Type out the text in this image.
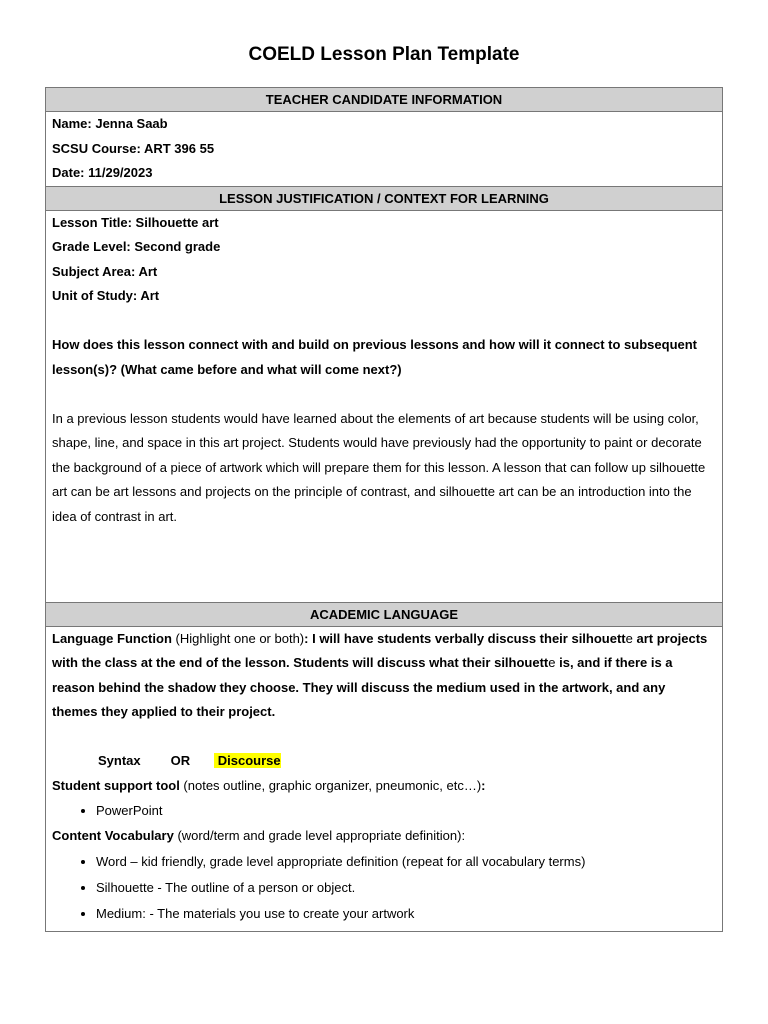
COELD Lesson Plan Template
TEACHER CANDIDATE INFORMATION
Name: Jenna Saab
SCSU Course: ART 396 55
Date: 11/29/2023
LESSON JUSTIFICATION / CONTEXT FOR LEARNING
Lesson Title: Silhouette art
Grade Level: Second grade
Subject Area: Art
Unit of Study: Art
How does this lesson connect with and build on previous lessons and how will it connect to subsequent lesson(s)? (What came before and what will come next?)
In a previous lesson students would have learned about the elements of art because students will be using color, shape, line, and space in this art project. Students would have previously had the opportunity to paint or decorate the background of a piece of artwork which will prepare them for this lesson. A lesson that can follow up silhouette art can be art lessons and projects on the principle of contrast, and silhouette art can be an introduction into the idea of contrast in art.
ACADEMIC LANGUAGE
Language Function (Highlight one or both): I will have students verbally discuss their silhouette art projects with the class at the end of the lesson. Students will discuss what their silhouette is, and if there is a reason behind the shadow they choose. They will discuss the medium used in the artwork, and any themes they applied to their project.
Syntax OR Discourse
Student support tool (notes outline, graphic organizer, pneumonic, etc…):
• PowerPoint
Content Vocabulary (word/term and grade level appropriate definition):
• Word – kid friendly, grade level appropriate definition (repeat for all vocabulary terms)
• Silhouette - The outline of a person or object.
• Medium: - The materials you use to create your artwork
